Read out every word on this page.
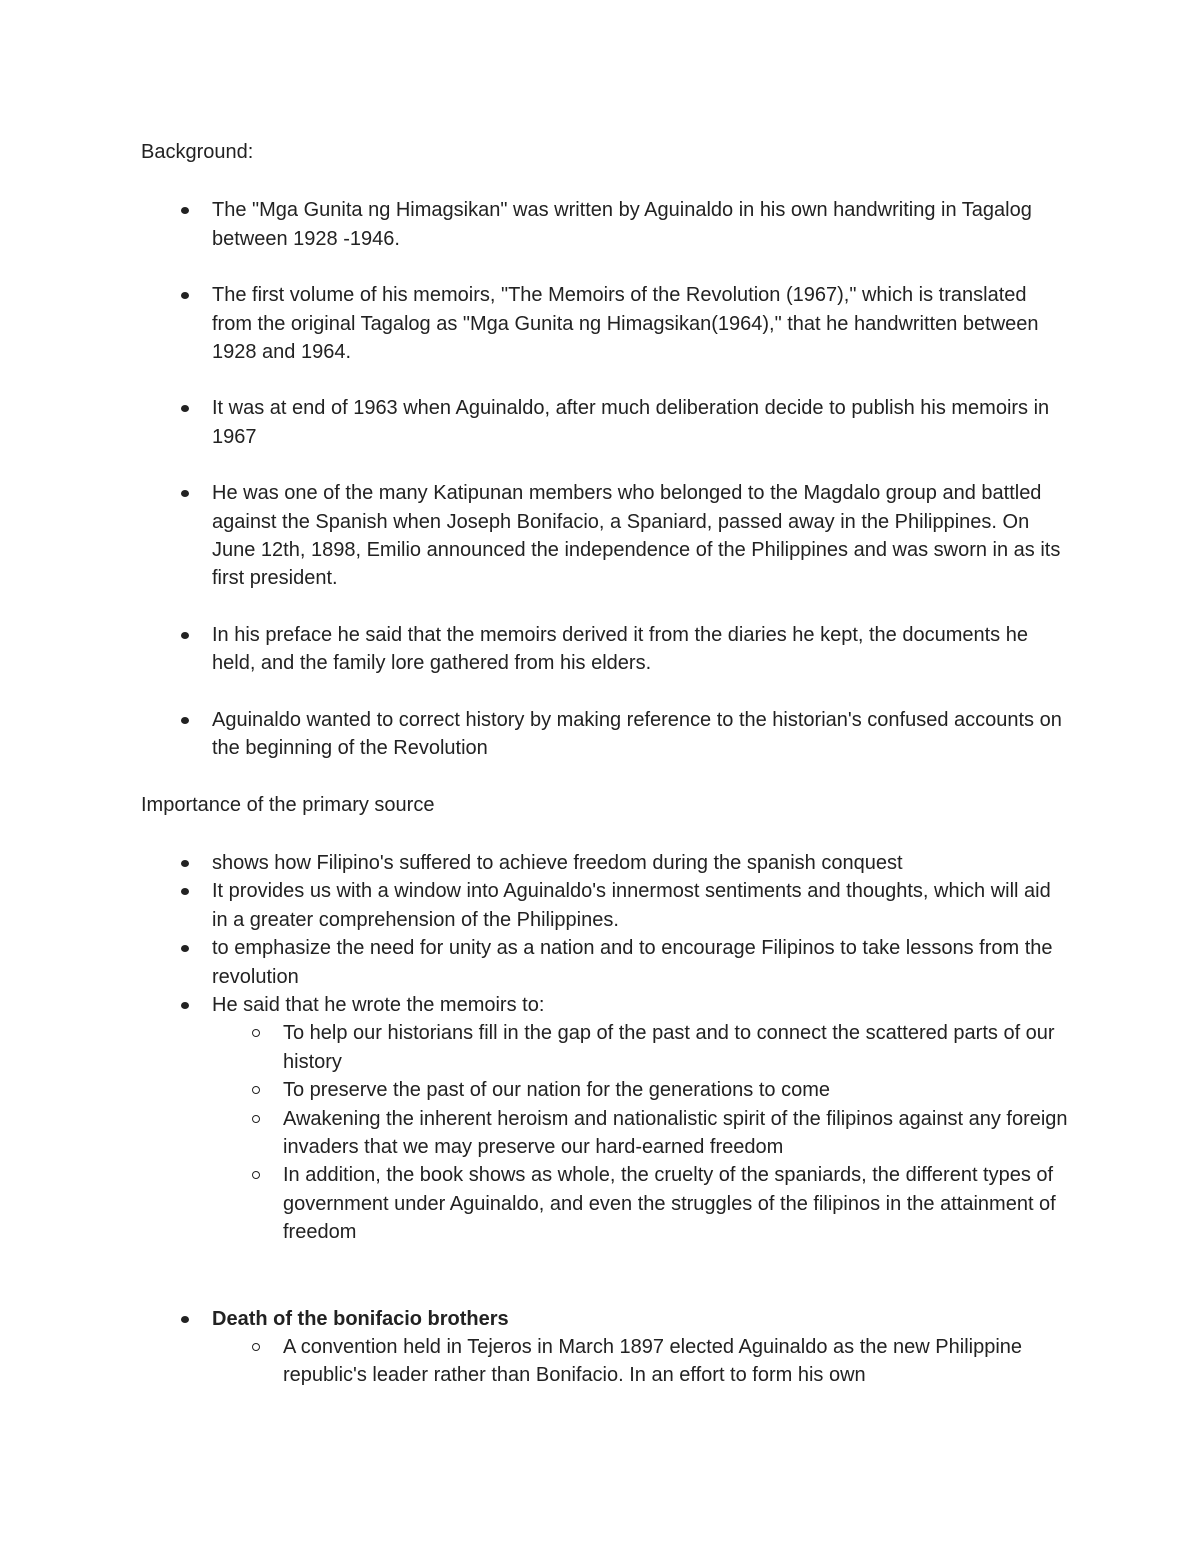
Background:

The "Mga Gunita ng Himagsikan" was written by Aguinaldo in his own handwriting in Tagalog between 1928 -1946.
The first volume of his memoirs, "The Memoirs of the Revolution (1967)," which is translated from the original Tagalog as "Mga Gunita ng Himagsikan(1964)," that he handwritten between 1928 and 1964.
It was at end of 1963 when Aguinaldo, after much deliberation decide to publish his memoirs in 1967
He was one of the many Katipunan members who belonged to the Magdalo group and battled against the Spanish when Joseph Bonifacio, a Spaniard, passed away in the Philippines. On June 12th, 1898, Emilio announced the independence of the Philippines and was sworn in as its first president.
In his preface he said that the memoirs derived it from the diaries he kept, the documents he held, and the family lore gathered from his elders.
Aguinaldo wanted to correct history by making reference to the historian's confused accounts on the beginning of the Revolution

Importance of the primary source

shows how Filipino's suffered to achieve freedom during the spanish conquest
It provides us with a window into Aguinaldo's innermost sentiments and thoughts, which will aid in a greater comprehension of the Philippines.
to emphasize the need for unity as a nation and to encourage Filipinos to take lessons from the revolution
He said that he wrote the memoirs to:
To help our historians fill in the gap of the past and to connect the scattered parts of our history
To preserve the past of our nation for the generations to come
Awakening the inherent heroism and nationalistic spirit of the filipinos against any foreign invaders that we may preserve our hard-earned freedom
In addition, the book shows as whole, the cruelty of the spaniards, the different types of government under Aguinaldo, and even the struggles of the filipinos in the attainment of freedom
Death of the bonifacio brothers
A convention held in Tejeros in March 1897 elected Aguinaldo as the new Philippine republic's leader rather than Bonifacio. In an effort to form his own
